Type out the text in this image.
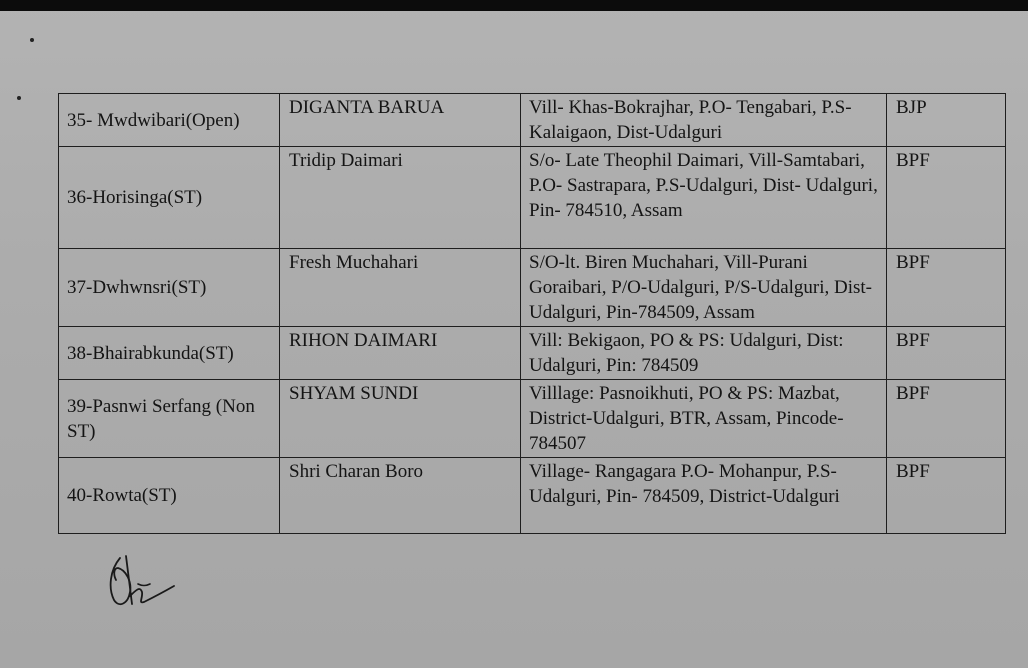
35- Mwdwibari(Open)	DIGANTA BARUA	Vill- Khas-Bokrajhar, P.O- Tengabari, P.S- Kalaigaon, Dist-Udalguri	BJP
36-Horisinga(ST)	Tridip Daimari	S/o- Late Theophil Daimari, Vill-Samtabari, P.O- Sastrapara, P.S-Udalguri, Dist- Udalguri, Pin- 784510, Assam	BPF
37-Dwhwnsri(ST)	Fresh Muchahari	S/O-lt. Biren Muchahari, Vill-Purani Goraibari, P/O-Udalguri, P/S-Udalguri, Dist-Udalguri, Pin-784509, Assam	BPF
38-Bhairabkunda(ST)	RIHON DAIMARI	Vill: Bekigaon, PO & PS: Udalguri, Dist: Udalguri, Pin: 784509	BPF
39-Pasnwi Serfang (Non ST)	SHYAM SUNDI	Villlage: Pasnoikhuti, PO & PS: Mazbat, District-Udalguri, BTR, Assam, Pincode-784507	BPF
40-Rowta(ST)	Shri Charan Boro	Village- Rangagara P.O- Mohanpur, P.S- Udalguri, Pin- 784509, District-Udalguri	BPF
